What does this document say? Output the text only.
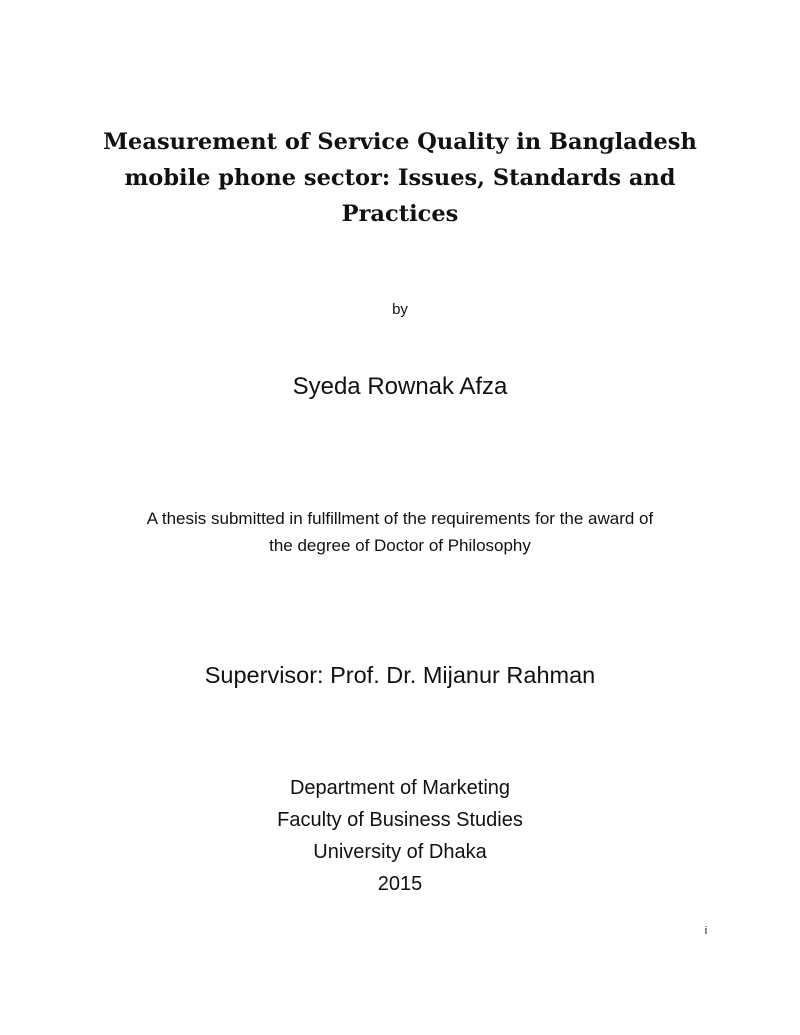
Measurement of Service Quality in Bangladesh
mobile phone sector: Issues, Standards and
Practices
by
Syeda Rownak Afza
A thesis submitted in fulfillment of the requirements for the award of
the degree of Doctor of Philosophy
Supervisor: Prof. Dr. Mijanur Rahman
Department of Marketing
Faculty of Business Studies
University of Dhaka
2015
i
